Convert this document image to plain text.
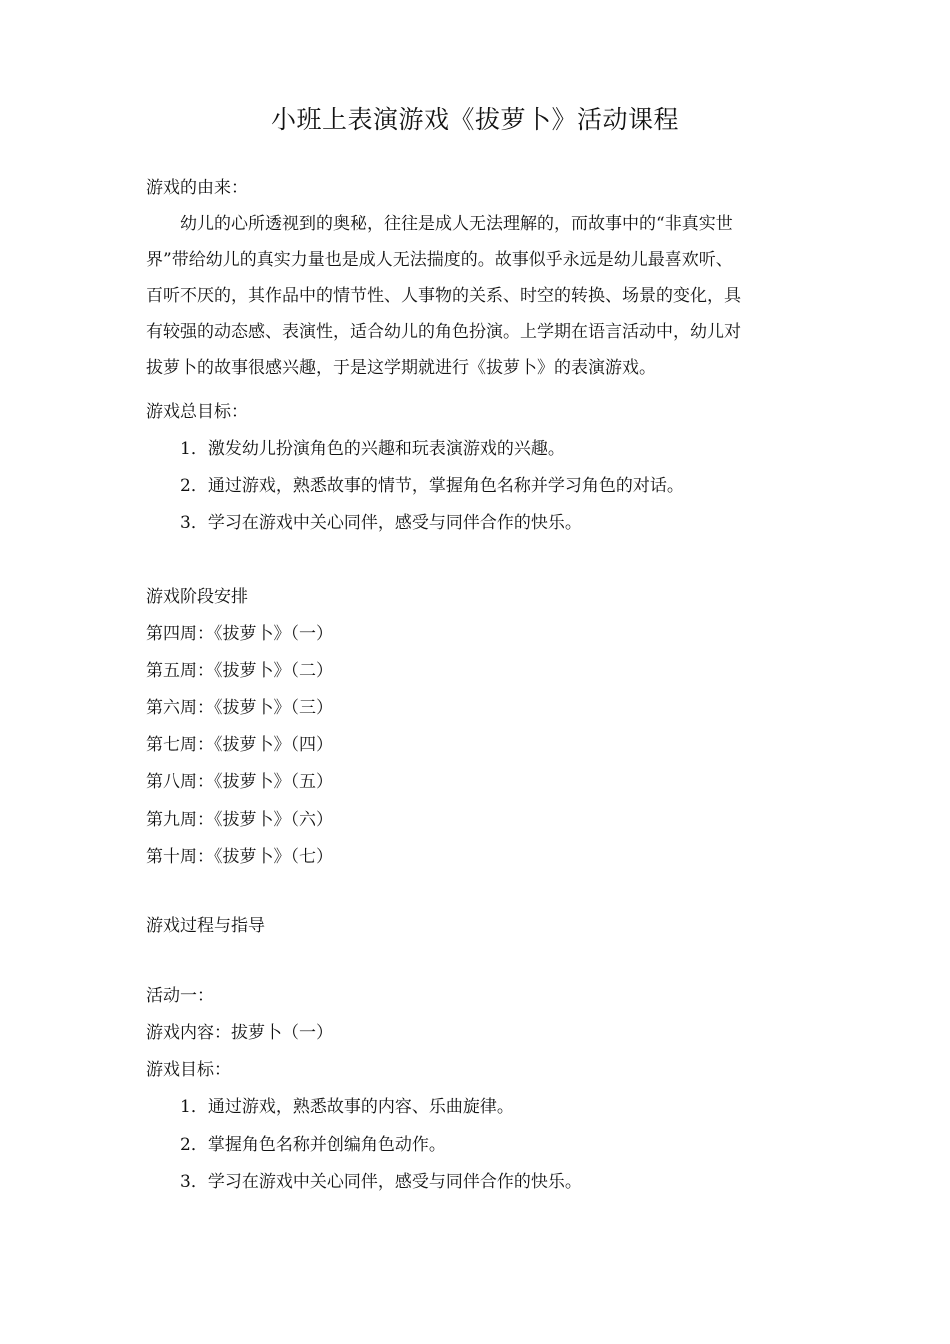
小班上表演游戏《拔萝卜》活动课程
游戏的由来：
　　幼儿的心所透视到的奥秘，往往是成人无法理解的，而故事中的“非真实世
界”带给幼儿的真实力量也是成人无法揣度的。故事似乎永远是幼儿最喜欢听、
百听不厌的，其作品中的情节性、人事物的关系、时空的转换、场景的变化，具
有较强的动态感、表演性，适合幼儿的角色扮演。上学期在语言活动中，幼儿对
拔萝卜的故事很感兴趣，于是这学期就进行《拔萝卜》的表演游戏。
游戏总目标：
1．激发幼儿扮演角色的兴趣和玩表演游戏的兴趣。
2．通过游戏，熟悉故事的情节，掌握角色名称并学习角色的对话。
3．学习在游戏中关心同伴，感受与同伴合作的快乐。
游戏阶段安排
第四周：《拔萝卜》（一）
第五周：《拔萝卜》（二）
第六周：《拔萝卜》（三）
第七周：《拔萝卜》（四）
第八周：《拔萝卜》（五）
第九周：《拔萝卜》（六）
第十周：《拔萝卜》（七）
游戏过程与指导
活动一：
游戏内容：拔萝卜（一）
游戏目标：
1．通过游戏，熟悉故事的内容、乐曲旋律。
2．掌握角色名称并创编角色动作。
3．学习在游戏中关心同伴，感受与同伴合作的快乐。
